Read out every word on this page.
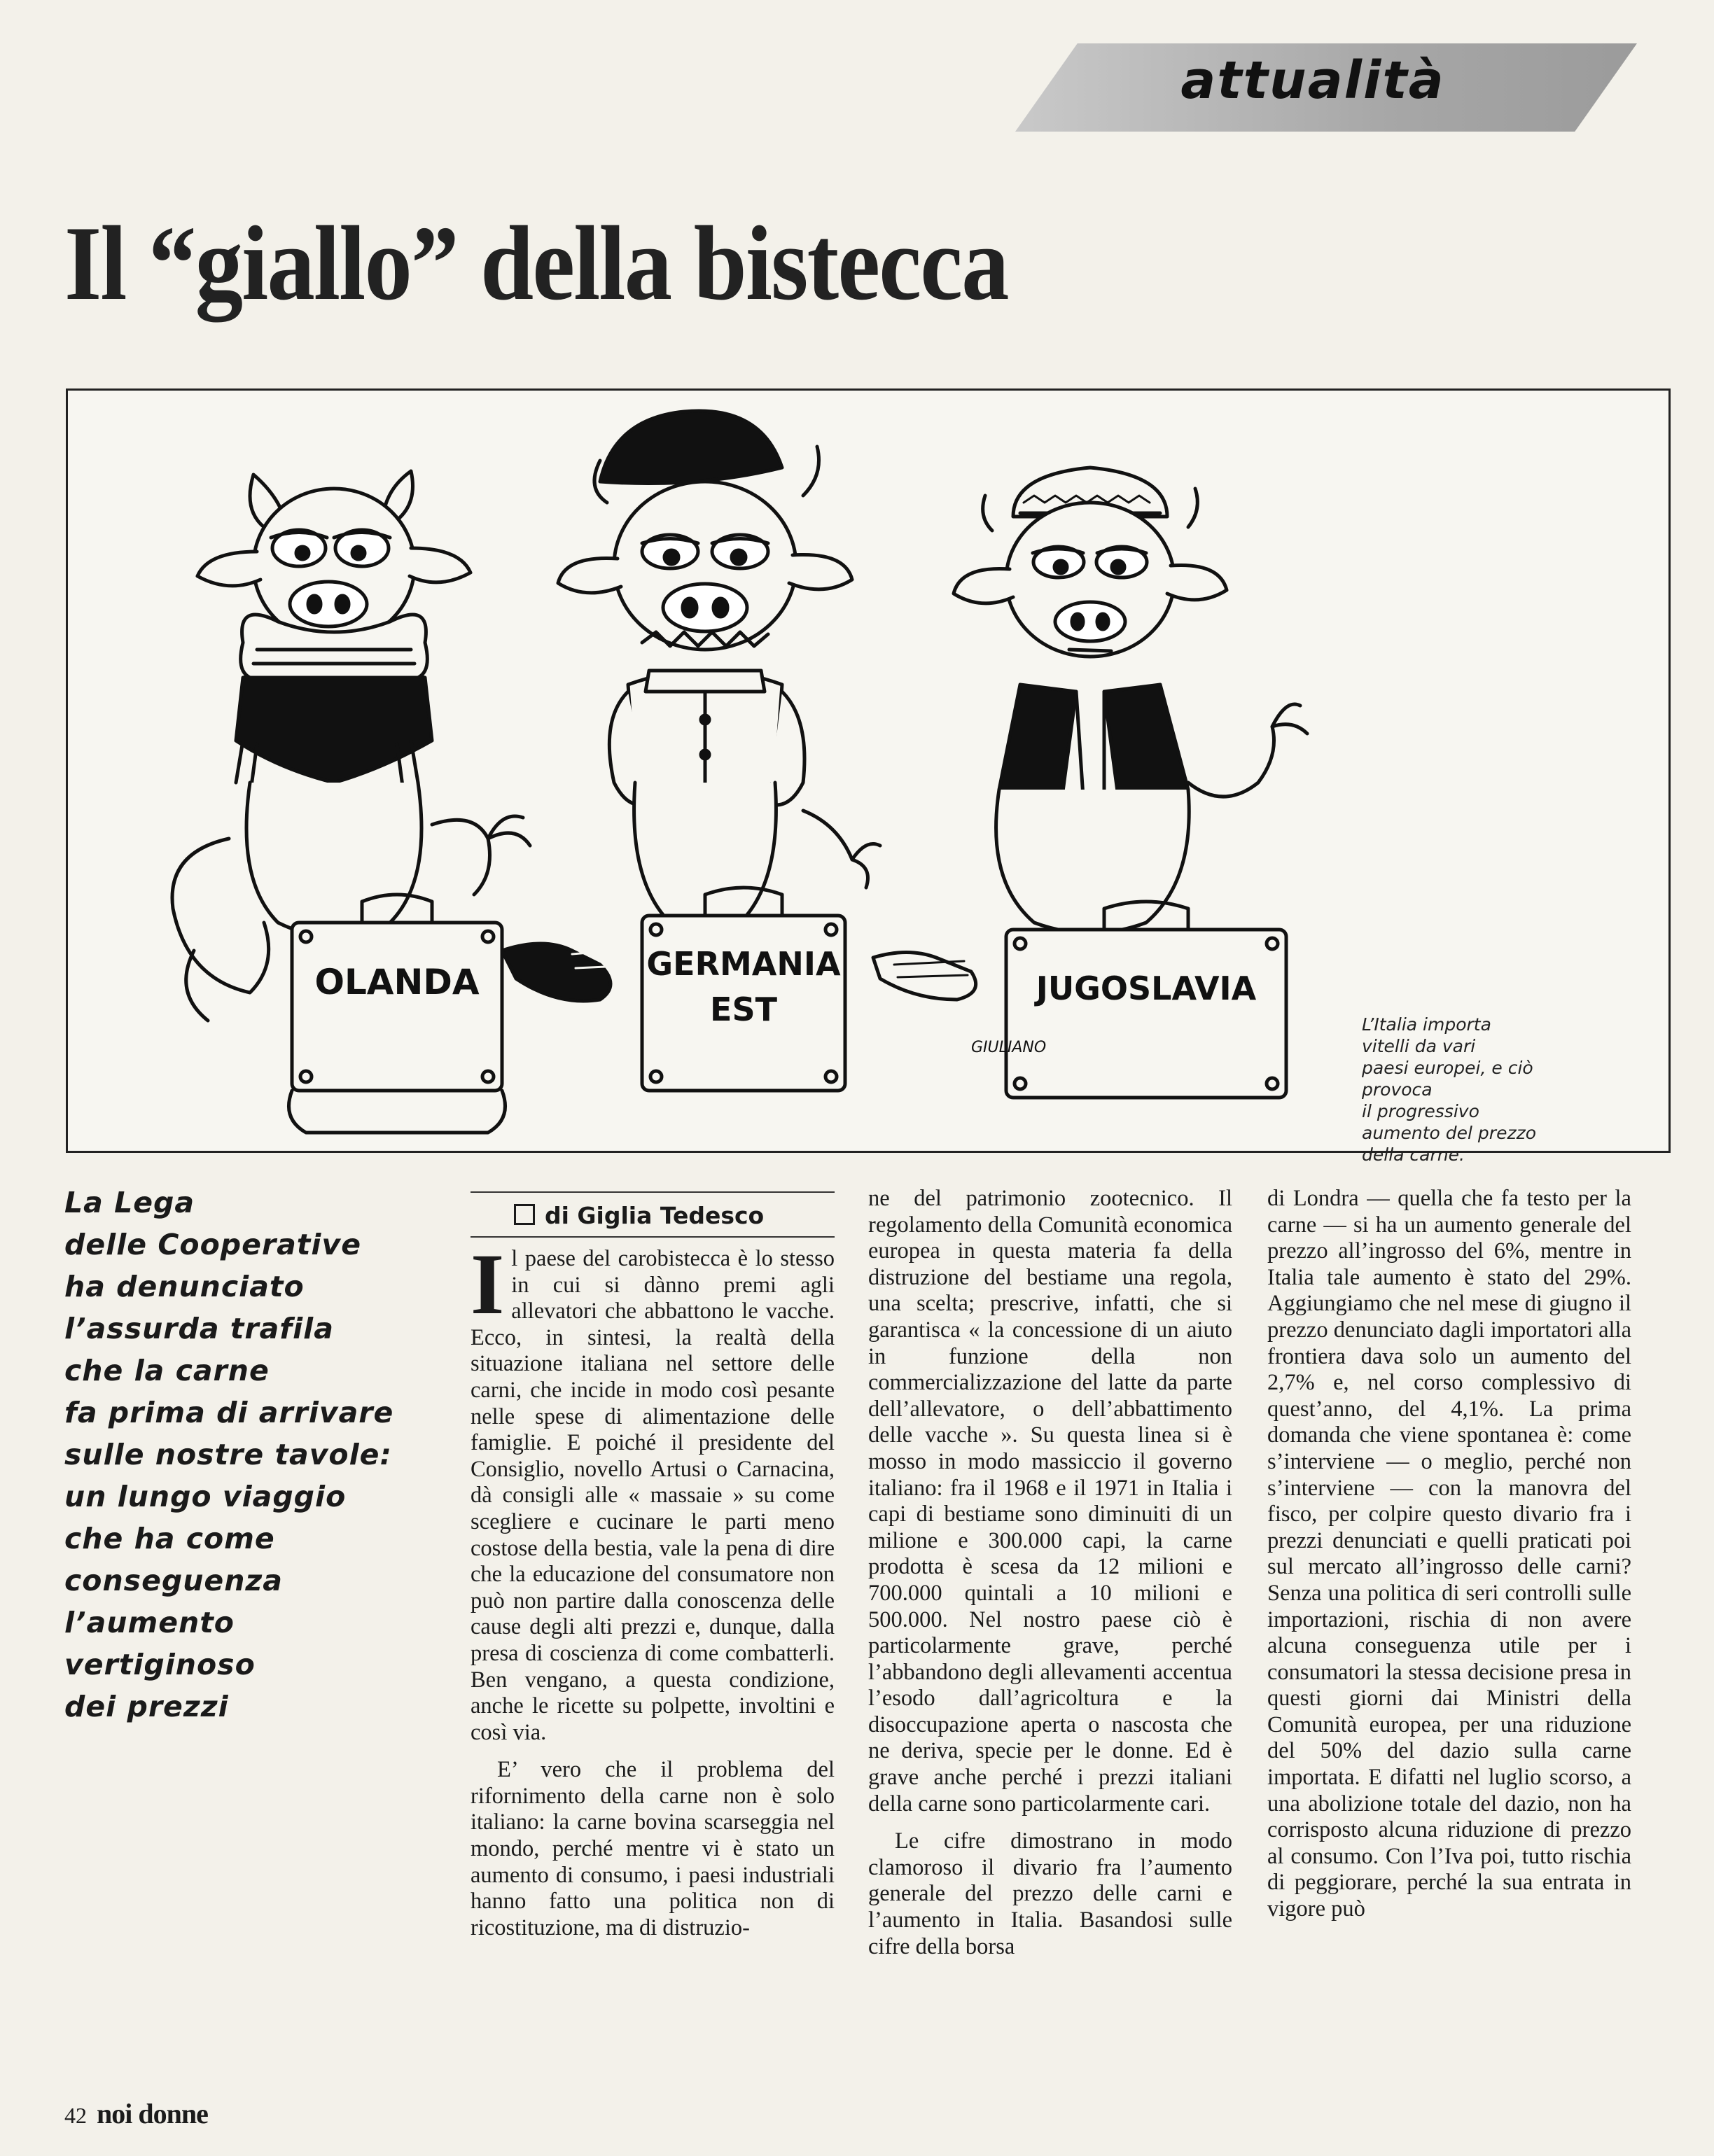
attualità
Il “giallo” della bistecca
OLANDA	GERMANIA
EST
JUGOSLAVIA
GIULIANO
L’Italia importa
vitelli da vari
paesi europei, e ciò
provoca
il progressivo
aumento del prezzo
della carne.
La Lega
delle Cooperative
ha denunciato
l’assurda trafila
che la carne
fa prima di arrivare
sulle nostre tavole:
un lungo viaggio
che ha come
conseguenza
l’aumento
vertiginoso
dei prezzi
di Giglia Tedesco

Il paese del carobistecca è lo stesso in cui si dànno premi agli allevatori che abbattono le vacche. Ecco, in sintesi, la realtà della situazione italiana nel settore delle carni, che incide in modo così pesante nelle spese di alimentazione delle famiglie. E poiché il presidente del Consiglio, novello Artusi o Carnacina, dà consigli alle « massaie » su come scegliere e cucinare le parti meno costose della bestia, vale la pena di dire che la educazione del consumatore non può non partire dalla conoscenza delle cause degli alti prezzi e, dunque, dalla presa di coscienza di come combatterli. Ben vengano, a questa condizione, anche le ricette su polpette, involtini e così via.

E’ vero che il problema del rifornimento della carne non è solo italiano: la carne bovina scarseggia nel mondo, perché mentre vi è stato un aumento di consumo, i paesi industriali hanno fatto una politica non di ricostituzione, ma di distruzio-

ne del patrimonio zootecnico. Il regolamento della Comunità economica europea in questa materia fa della distruzione del bestiame una regola, una scelta; prescrive, infatti, che si garantisca « la concessione di un aiuto in funzione della non commercializzazione del latte da parte dell’allevatore, o dell’abbattimento delle vacche ». Su questa linea si è mosso in modo massiccio il governo italiano: fra il 1968 e il 1971 in Italia i capi di bestiame sono diminuiti di un milione e 300.000 capi, la carne prodotta è scesa da 12 milioni e 700.000 quintali a 10 milioni e 500.000. Nel nostro paese ciò è particolarmente grave, perché l’abbandono degli allevamenti accentua l’esodo dall’agricoltura e la disoccupazione aperta o nascosta che ne deriva, specie per le donne. Ed è grave anche perché i prezzi italiani della carne sono particolarmente cari.

Le cifre dimostrano in modo clamoroso il divario fra l’aumento generale del prezzo delle carni e l’aumento in Italia. Basandosi sulle cifre della borsa

di Londra — quella che fa testo per la carne — si ha un aumento generale del prezzo all’ingrosso del 6%, mentre in Italia tale aumento è stato del 29%. Aggiungiamo che nel mese di giugno il prezzo denunciato dagli importatori alla frontiera dava solo un aumento del 2,7% e, nel corso complessivo di quest’anno, del 4,1%. La prima domanda che viene spontanea è: come s’interviene — o meglio, perché non s’interviene — con la manovra del fisco, per colpire questo divario fra i prezzi denunciati e quelli praticati poi sul mercato all’ingrosso delle carni? Senza una politica di seri controlli sulle importazioni, rischia di non avere alcuna conseguenza utile per i consumatori la stessa decisione presa in questi giorni dai Ministri della Comunità europea, per una riduzione del 50% del dazio sulla carne importata. E difatti nel luglio scorso, a una abolizione totale del dazio, non ha corrisposto alcuna riduzione di prezzo al consumo. Con l’Iva poi, tutto rischia di peggiorare, perché la sua entrata in vigore può

42 noi donne
